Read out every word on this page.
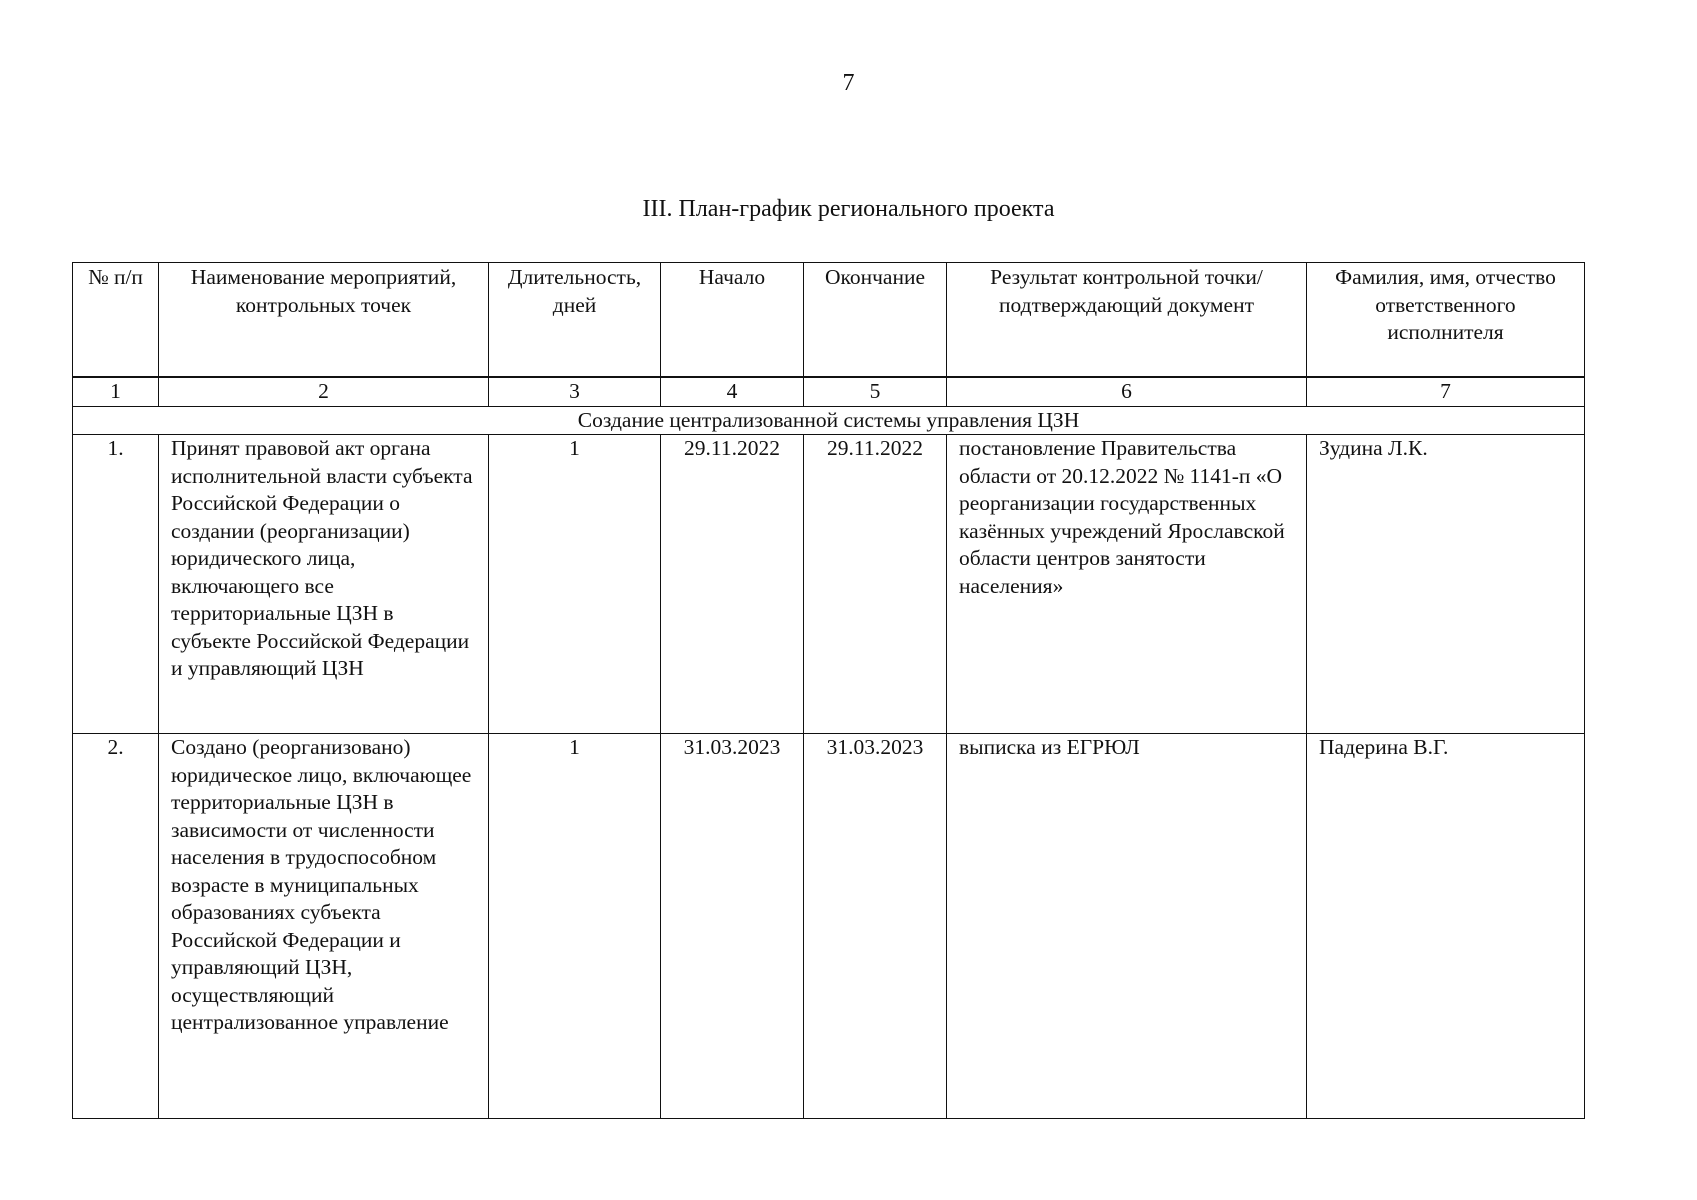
7
III. План-график регионального проекта
№ п/п	Наименование мероприятий, контрольных точек	Длительность, дней	Начало	Окончание	Результат контрольной точки/ подтверждающий документ	Фамилия, имя, отчество ответственного исполнителя
1	2	3	4	5	6	7
Создание централизованной системы управления ЦЗН						
1.	Принят правовой акт органа исполнительной власти субъекта Российской Федерации о создании (реорганизации) юридического лица, включающего все территориальные ЦЗН в субъекте Российской Федерации и управляющий ЦЗН	1	29.11.2022	29.11.2022	постановление Правительства области от 20.12.2022 № 1141-п «О реорганизации государственных казённых учреждений Ярославской области центров занятости населения»	Зудина Л.К.
2.	Создано (реорганизовано) юридическое лицо, включающее территориальные ЦЗН в зависимости от численности населения в трудоспособном возрасте в муниципальных образованиях субъекта Российской Федерации и управляющий ЦЗН, осуществляющий централизованное управление	1	31.03.2023	31.03.2023	выписка из ЕГРЮЛ	Падерина В.Г.
